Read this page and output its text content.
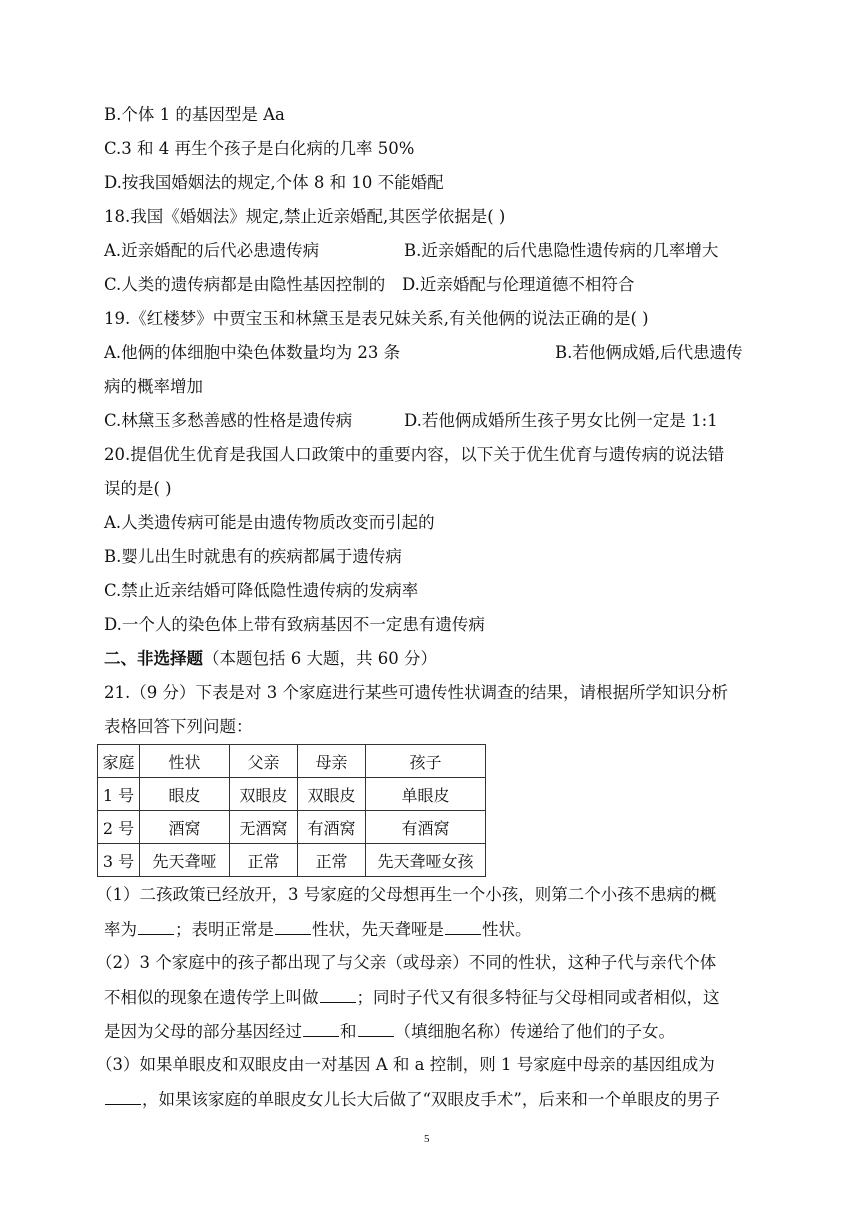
B.个体 1 的基因型是 Aa
C.3 和 4 再生个孩子是白化病的几率 50%
D.按我国婚姻法的规定,个体 8 和 10 不能婚配
18.我国《婚姻法》规定,禁止近亲婚配,其医学依据是( )
A.近亲婚配的后代必患遗传病	B.近亲婚配的后代患隐性遗传病的几率增大
C.人类的遗传病都是由隐性基因控制的 D.近亲婚配与伦理道德不相符合
19.《红楼梦》中贾宝玉和林黛玉是表兄妹关系,有关他俩的说法正确的是( )
A.他俩的体细胞中染色体数量均为 23 条	B.若他俩成婚,后代患遗传
病的概率增加
C.林黛玉多愁善感的性格是遗传病	D.若他俩成婚所生孩子男女比例一定是 1:1
20.提倡优生优育是我国人口政策中的重要内容，以下关于优生优育与遗传病的说法错
误的是( )
A.人类遗传病可能是由遗传物质改变而引起的
B.婴儿出生时就患有的疾病都属于遗传病
C.禁止近亲结婚可降低隐性遗传病的发病率
D.一个人的染色体上带有致病基因不一定患有遗传病
二、非选择题（本题包括 6 大题，共 60 分）
21.（9 分）下表是对 3 个家庭进行某些可遗传性状调查的结果，请根据所学知识分析
表格回答下列问题：
家庭	性状	父亲	母亲	孩子
1 号	眼皮	双眼皮	双眼皮	单眼皮
2 号	酒窝	无酒窝	有酒窝	有酒窝
3 号	先天聋哑	正常	正常	先天聋哑女孩
（1）二孩政策已经放开，3 号家庭的父母想再生一个小孩，则第二个小孩不患病的概
率为 ；表明正常是 性状，先天聋哑是 性状。
（2）3 个家庭中的孩子都出现了与父亲（或母亲）不同的性状，这种子代与亲代个体
不相似的现象在遗传学上叫做 ；同时子代又有很多特征与父母相同或者相似，这
是因为父母的部分基因经过 和 （填细胞名称）传递给了他们的子女。
（3）如果单眼皮和双眼皮由一对基因 A 和 a 控制，则 1 号家庭中母亲的基因组成为
，如果该家庭的单眼皮女儿长大后做了“双眼皮手术”，后来和一个单眼皮的男子
5
